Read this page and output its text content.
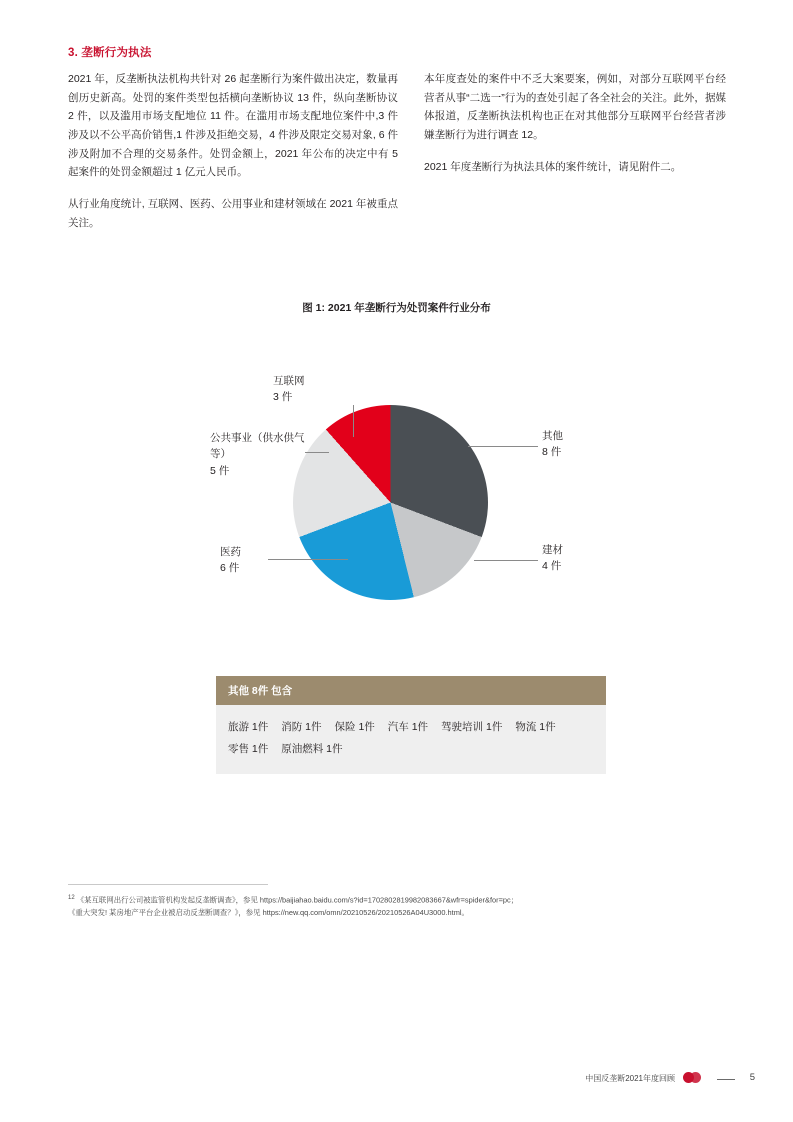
3. 垄断行为执法

2021 年，反垄断执法机构共针对 26 起垄断行为案件做出决定，数量再创历史新高。处罚的案件类型包括横向垄断协议 13 件，纵向垄断协议 2 件，以及滥用市场支配地位 11 件。在滥用市场支配地位案件中,3 件涉及以不公平高价销售,1 件涉及拒绝交易，4 件涉及限定交易对象, 6 件涉及附加不合理的交易条件。处罚金额上，2021 年公布的决定中有 5 起案件的处罚金额超过 1 亿元人民币。

从行业角度统计, 互联网、医药、公用事业和建材领域在 2021 年被重点关注。

本年度查处的案件中不乏大案要案，例如，对部分互联网平台经营者从事“二选一”行为的查处引起了各全社会的关注。此外，据媒体报道，反垄断执法机构也正在对其他部分互联网平台经营者涉嫌垄断行为进行调查 12。

2021 年度垄断行为执法具体的案件统计，请见附件二。

图 1: 2021 年垄断行为处罚案件行业分布
互联网
3 件
公共事业（供水供气等）
5 件
医药
6 件
其他
8 件
建材
4 件
其他 8件 包含
旅游 1件 消防 1件 保险 1件 汽车 1件 驾驶培训 1件 物流 1件
零售 1件 原油燃料 1件
$^{12}$ 《某互联网出行公司被监管机构发起反垄断调查》，参见 https://baijiahao.baidu.com/s?id=1702802819982083667&wfr=spider&for=pc；
《重大突发! 某房地产平台企业被启动反垄断调查？》，参见 https://new.qq.com/omn/20210526/20210526A04U3000.html。
中国反垄断2021年度回顾	5
